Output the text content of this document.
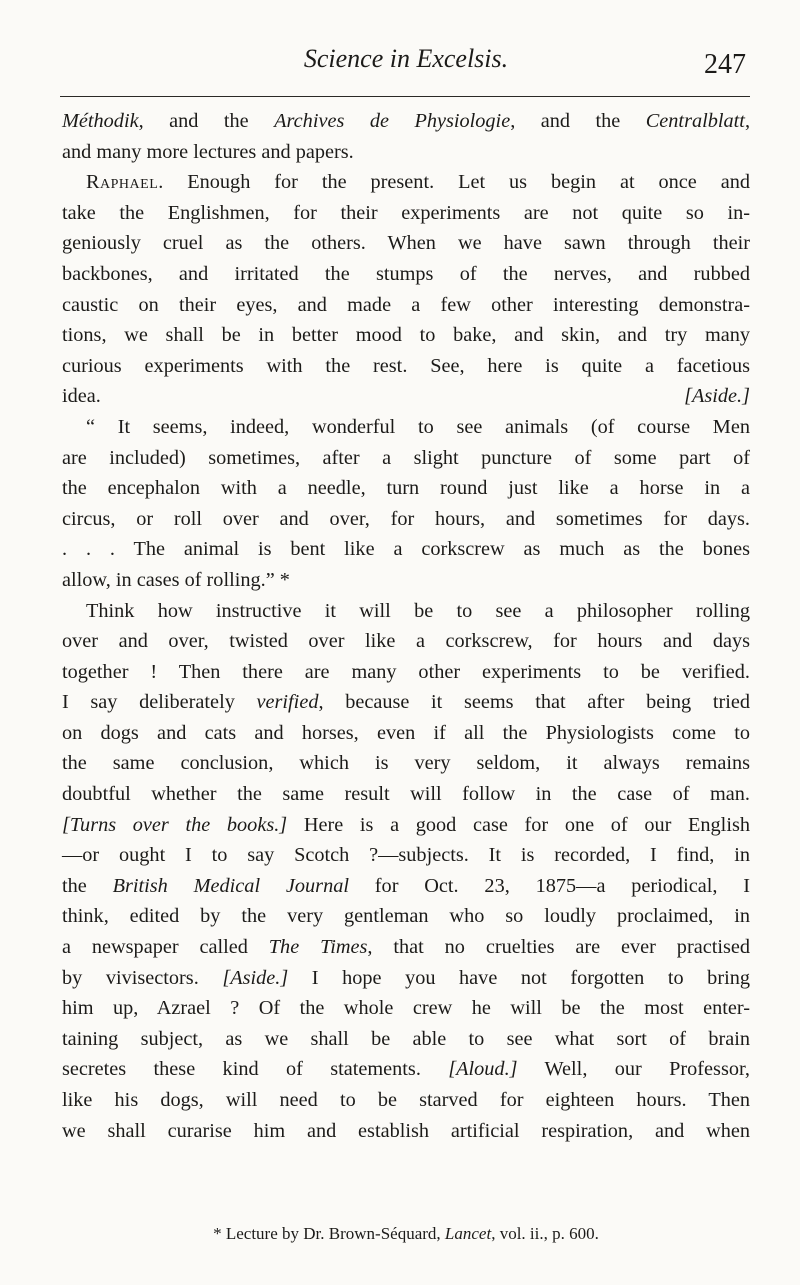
Science in Excelsis.	247
Méthodik, and the Archives de Physiologie, and the Centralblatt,
and many more lectures and papers.
Raphael. Enough for the present. Let us begin at once and
take the Englishmen, for their experiments are not quite so in-
geniously cruel as the others. When we have sawn through their
backbones, and irritated the stumps of the nerves, and rubbed
caustic on their eyes, and made a few other interesting demonstra-
tions, we shall be in better mood to bake, and skin, and try many
curious experiments with the rest. See, here is quite a facetious
idea.	[Aside.]
“ It seems, indeed, wonderful to see animals (of course Men
are included) sometimes, after a slight puncture of some part of
the encephalon with a needle, turn round just like a horse in a
circus, or roll over and over, for hours, and sometimes for days.
. . . The animal is bent like a corkscrew as much as the bones
allow, in cases of rolling.” *
Think how instructive it will be to see a philosopher rolling
over and over, twisted over like a corkscrew, for hours and days
together ! Then there are many other experiments to be verified.
I say deliberately verified, because it seems that after being tried
on dogs and cats and horses, even if all the Physiologists come to
the same conclusion, which is very seldom, it always remains
doubtful whether the same result will follow in the case of man.
[Turns over the books.] Here is a good case for one of our English
—or ought I to say Scotch ?—subjects. It is recorded, I find, in
the British Medical Journal for Oct. 23, 1875—a periodical, I
think, edited by the very gentleman who so loudly proclaimed, in
a newspaper called The Times, that no cruelties are ever practised
by vivisectors. [Aside.] I hope you have not forgotten to bring
him up, Azrael ? Of the whole crew he will be the most enter-
taining subject, as we shall be able to see what sort of brain
secretes these kind of statements. [Aloud.] Well, our Professor,
like his dogs, will need to be starved for eighteen hours. Then
we shall curarise him and establish artificial respiration, and when
* Lecture by Dr. Brown-Séquard, Lancet, vol. ii., p. 600.
